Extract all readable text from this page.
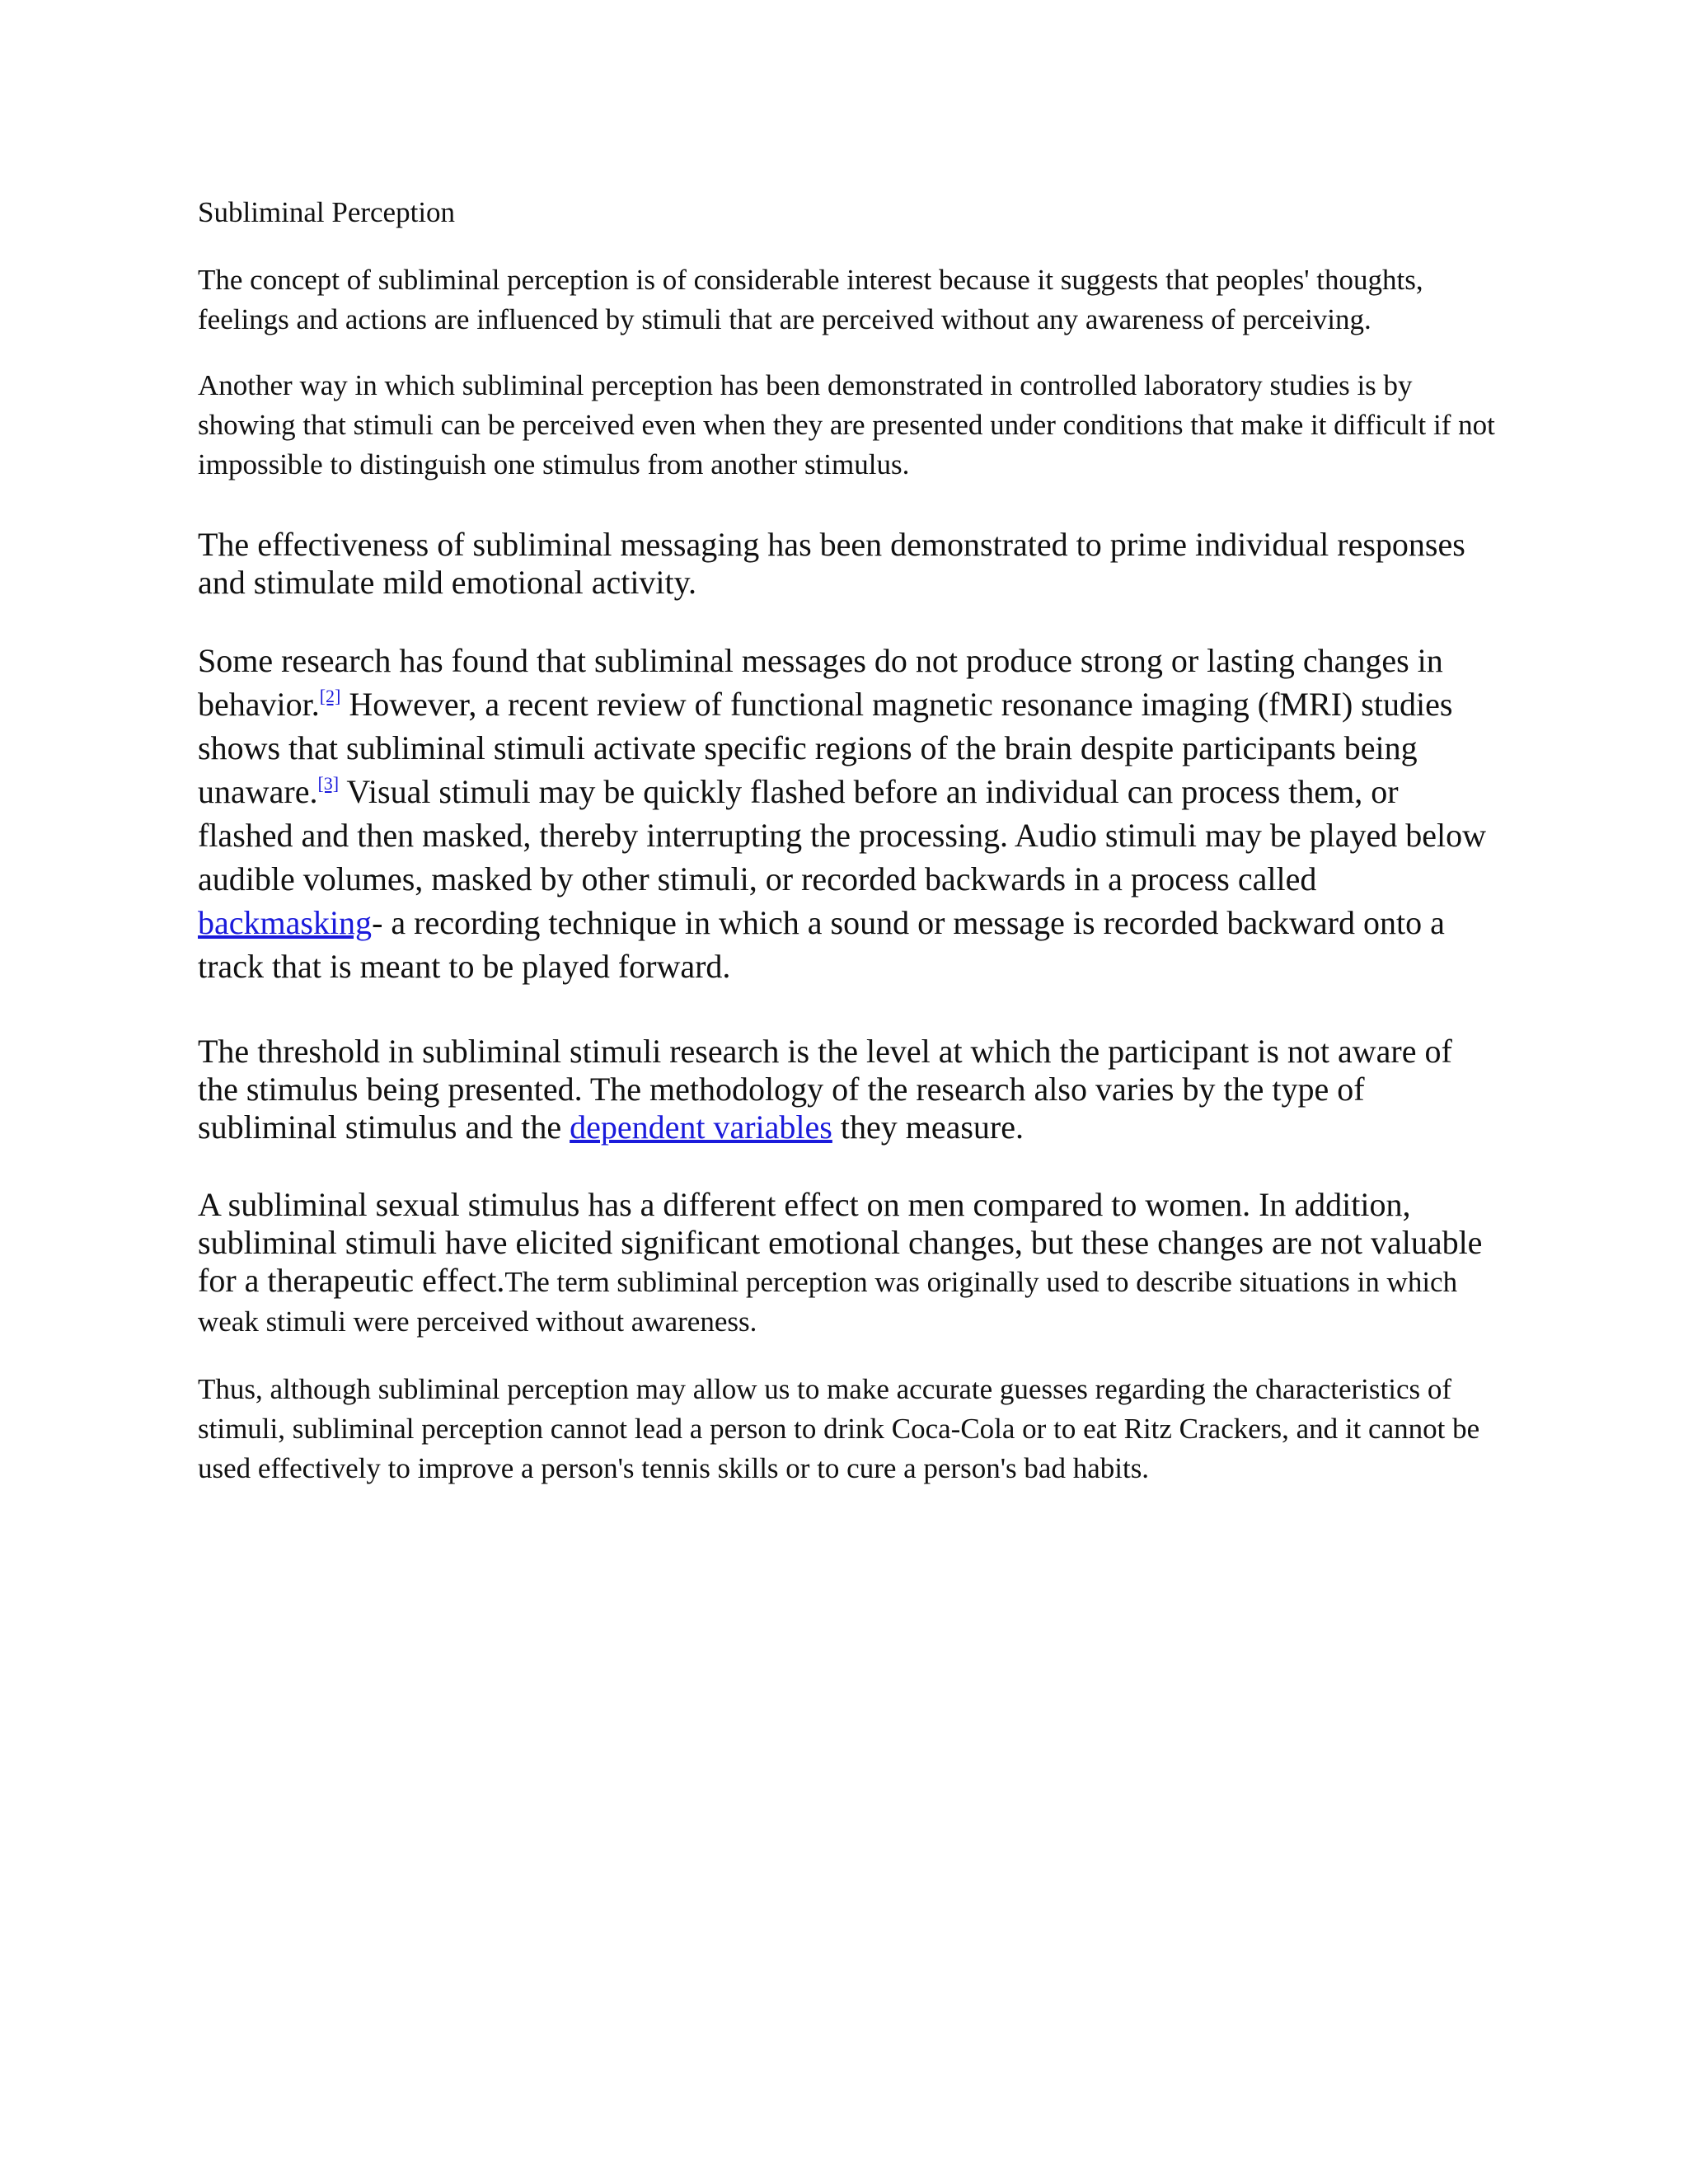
Subliminal Perception

The concept of subliminal perception is of considerable interest because it suggests that peoples' thoughts, feelings and actions are influenced by stimuli that are perceived without any awareness of perceiving.

Another way in which subliminal perception has been demonstrated in controlled laboratory studies is by showing that stimuli can be perceived even when they are presented under conditions that make it difficult if not impossible to distinguish one stimulus from another stimulus.

The effectiveness of subliminal messaging has been demonstrated to prime individual responses and stimulate mild emotional activity.

Some research has found that subliminal messages do not produce strong or lasting changes in behavior.[2] However, a recent review of functional magnetic resonance imaging (fMRI) studies shows that subliminal stimuli activate specific regions of the brain despite participants being unaware.[3] Visual stimuli may be quickly flashed before an individual can process them, or flashed and then masked, thereby interrupting the processing. Audio stimuli may be played below audible volumes, masked by other stimuli, or recorded backwards in a process called backmasking- a recording technique in which a sound or message is recorded backward onto a track that is meant to be played forward.

The threshold in subliminal stimuli research is the level at which the participant is not aware of the stimulus being presented. The methodology of the research also varies by the type of subliminal stimulus and the dependent variables they measure.

A subliminal sexual stimulus has a different effect on men compared to women. In addition, subliminal stimuli have elicited significant emotional changes, but these changes are not valuable for a therapeutic effect.The term subliminal perception was originally used to describe situations in which weak stimuli were perceived without awareness.

Thus, although subliminal perception may allow us to make accurate guesses regarding the characteristics of stimuli, subliminal perception cannot lead a person to drink Coca-Cola or to eat Ritz Crackers, and it cannot be used effectively to improve a person's tennis skills or to cure a person's bad habits.
